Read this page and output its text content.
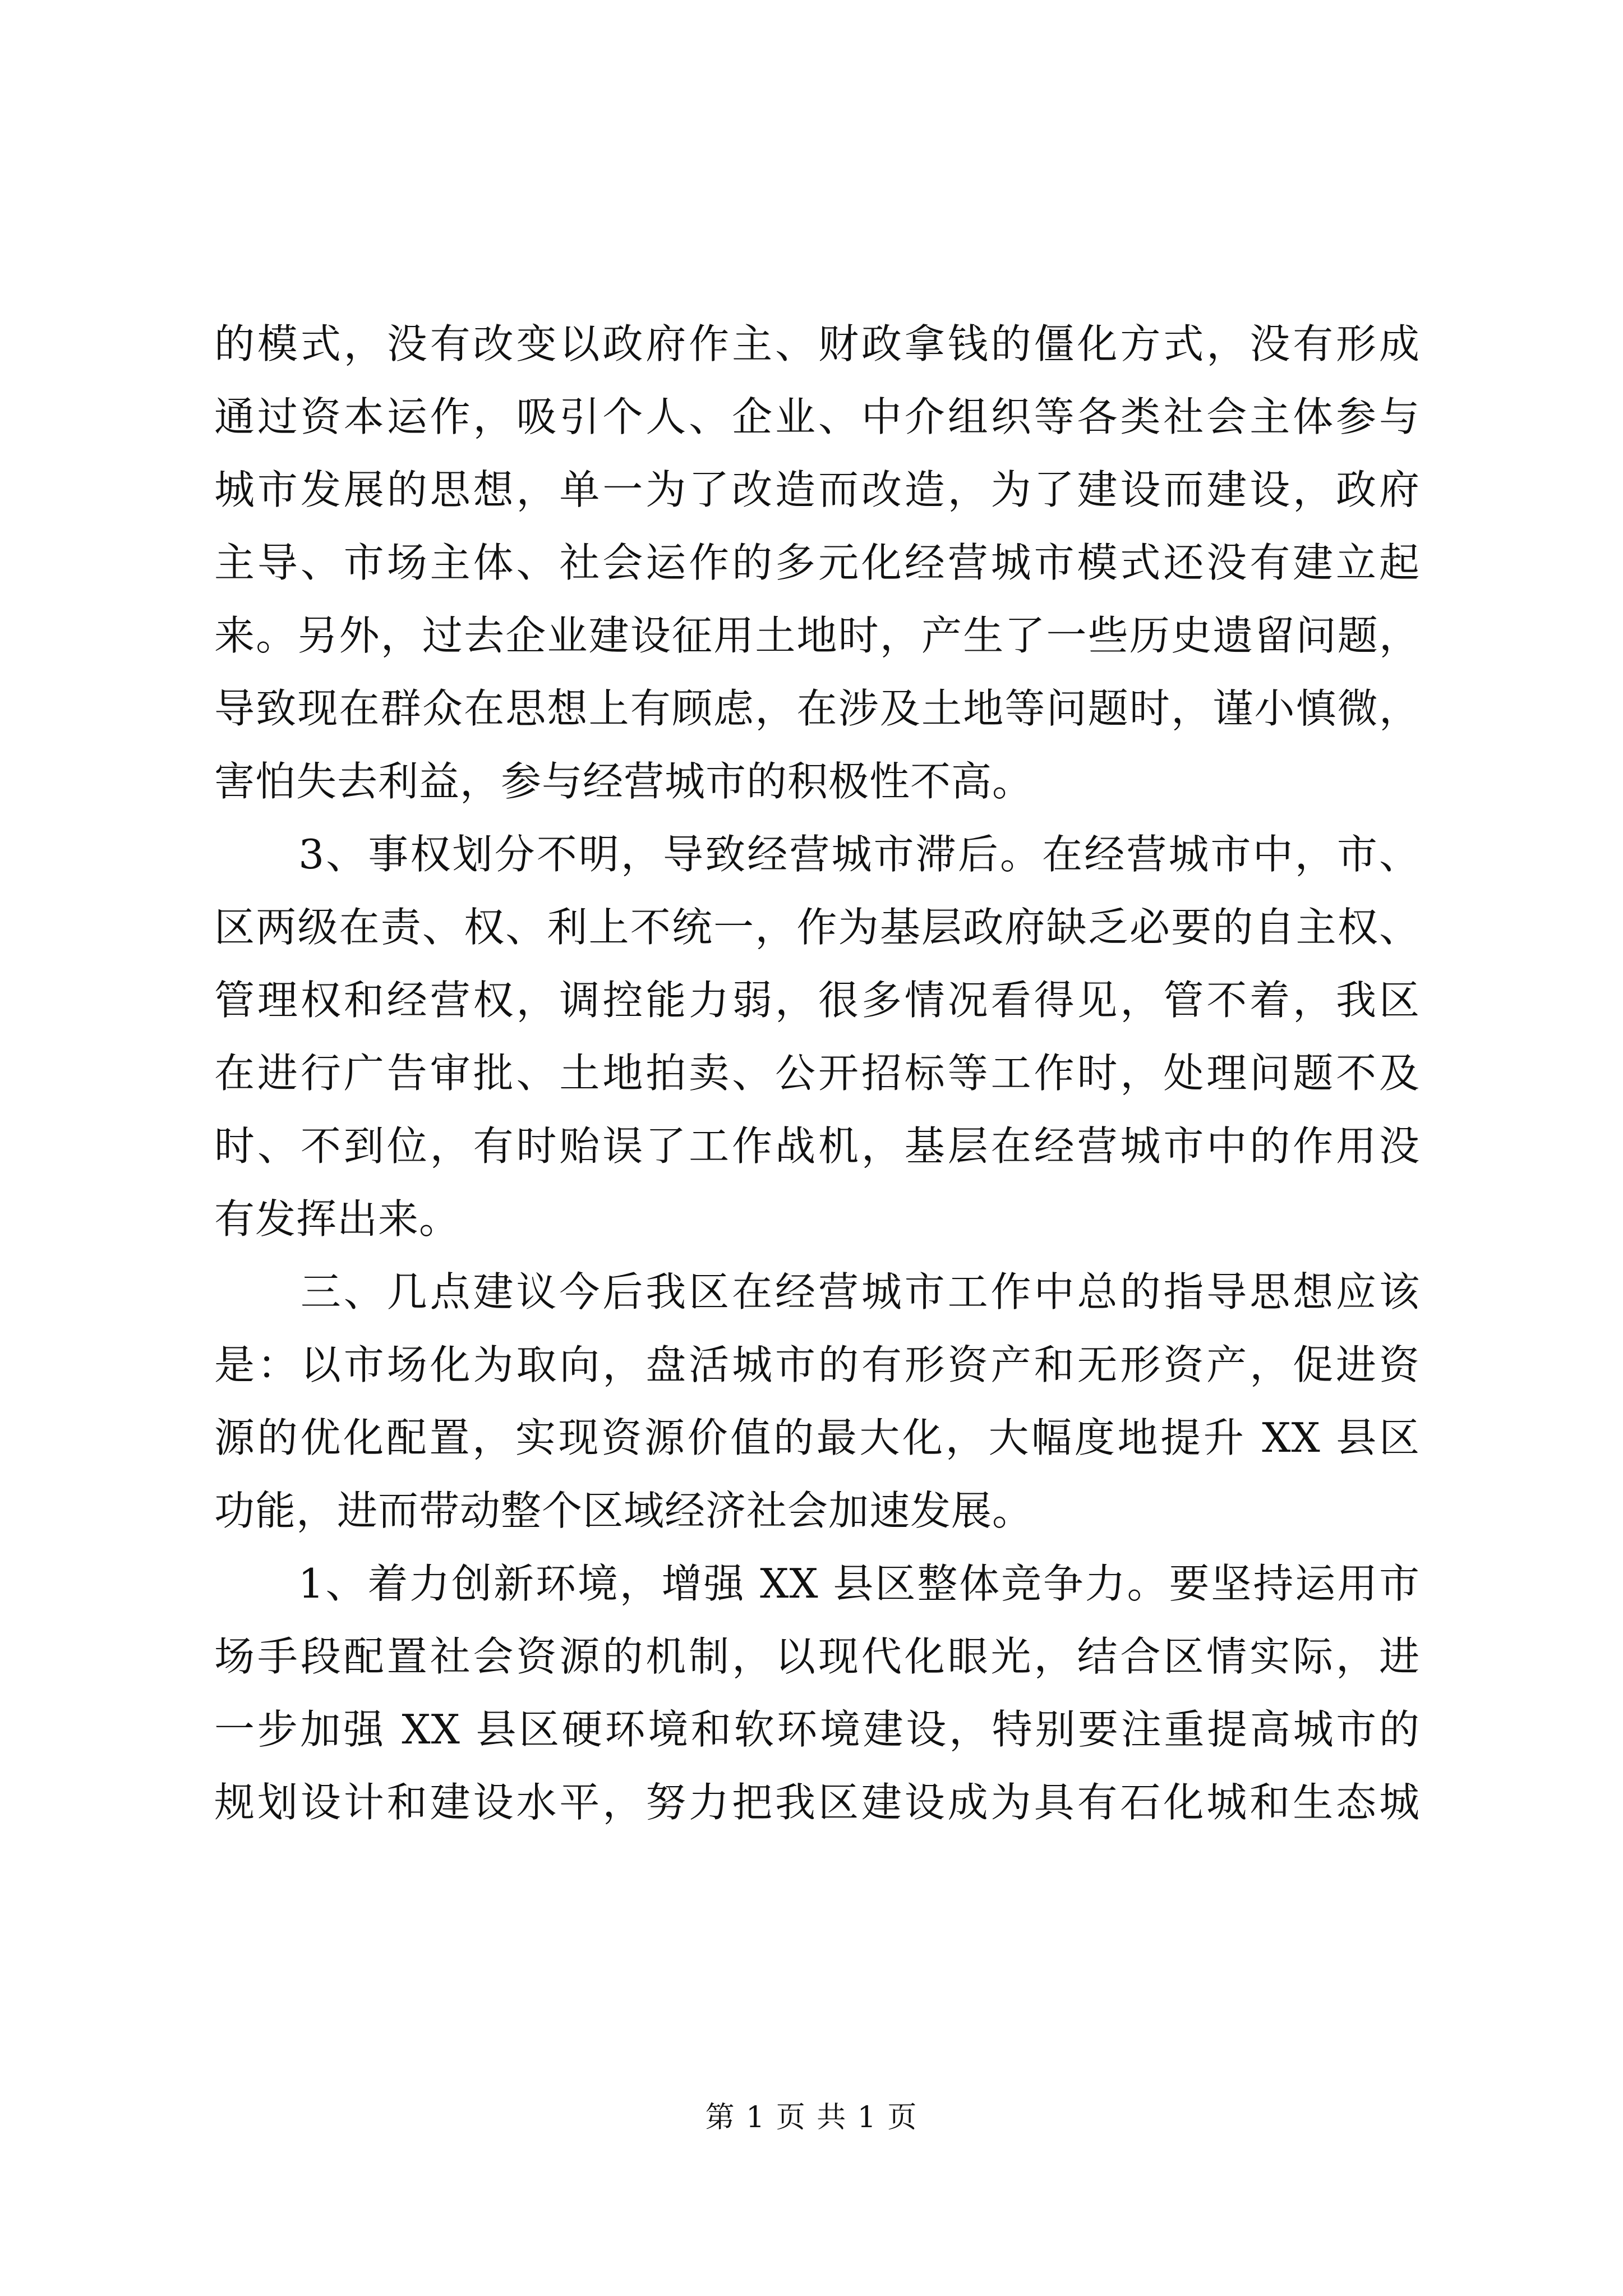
的模式，没有改变以政府作主、财政拿钱的僵化方式，没有形成
通过资本运作，吸引个人、企业、中介组织等各类社会主体参与
城市发展的思想，单一为了改造而改造，为了建设而建设，政府
主导、市场主体、社会运作的多元化经营城市模式还没有建立起
来。另外，过去企业建设征用土地时，产生了一些历史遗留问题，
导致现在群众在思想上有顾虑，在涉及土地等问题时，谨小慎微，
害怕失去利益，参与经营城市的积极性不高。

　　3、事权划分不明，导致经营城市滞后。在经营城市中，市、
区两级在责、权、利上不统一，作为基层政府缺乏必要的自主权、
管理权和经营权，调控能力弱，很多情况看得见，管不着，我区
在进行广告审批、土地拍卖、公开招标等工作时，处理问题不及
时、不到位，有时贻误了工作战机，基层在经营城市中的作用没
有发挥出来。

　　三、几点建议今后我区在经营城市工作中总的指导思想应该
是：以市场化为取向，盘活城市的有形资产和无形资产，促进资
源的优化配置，实现资源价值的最大化，大幅度地提升 XX 县区
功能，进而带动整个区域经济社会加速发展。

　　1、着力创新环境，增强 XX 县区整体竞争力。要坚持运用市
场手段配置社会资源的机制，以现代化眼光，结合区情实际，进
一步加强 XX 县区硬环境和软环境建设，特别要注重提高城市的
规划设计和建设水平，努力把我区建设成为具有石化城和生态城

第 1 页 共 1 页
